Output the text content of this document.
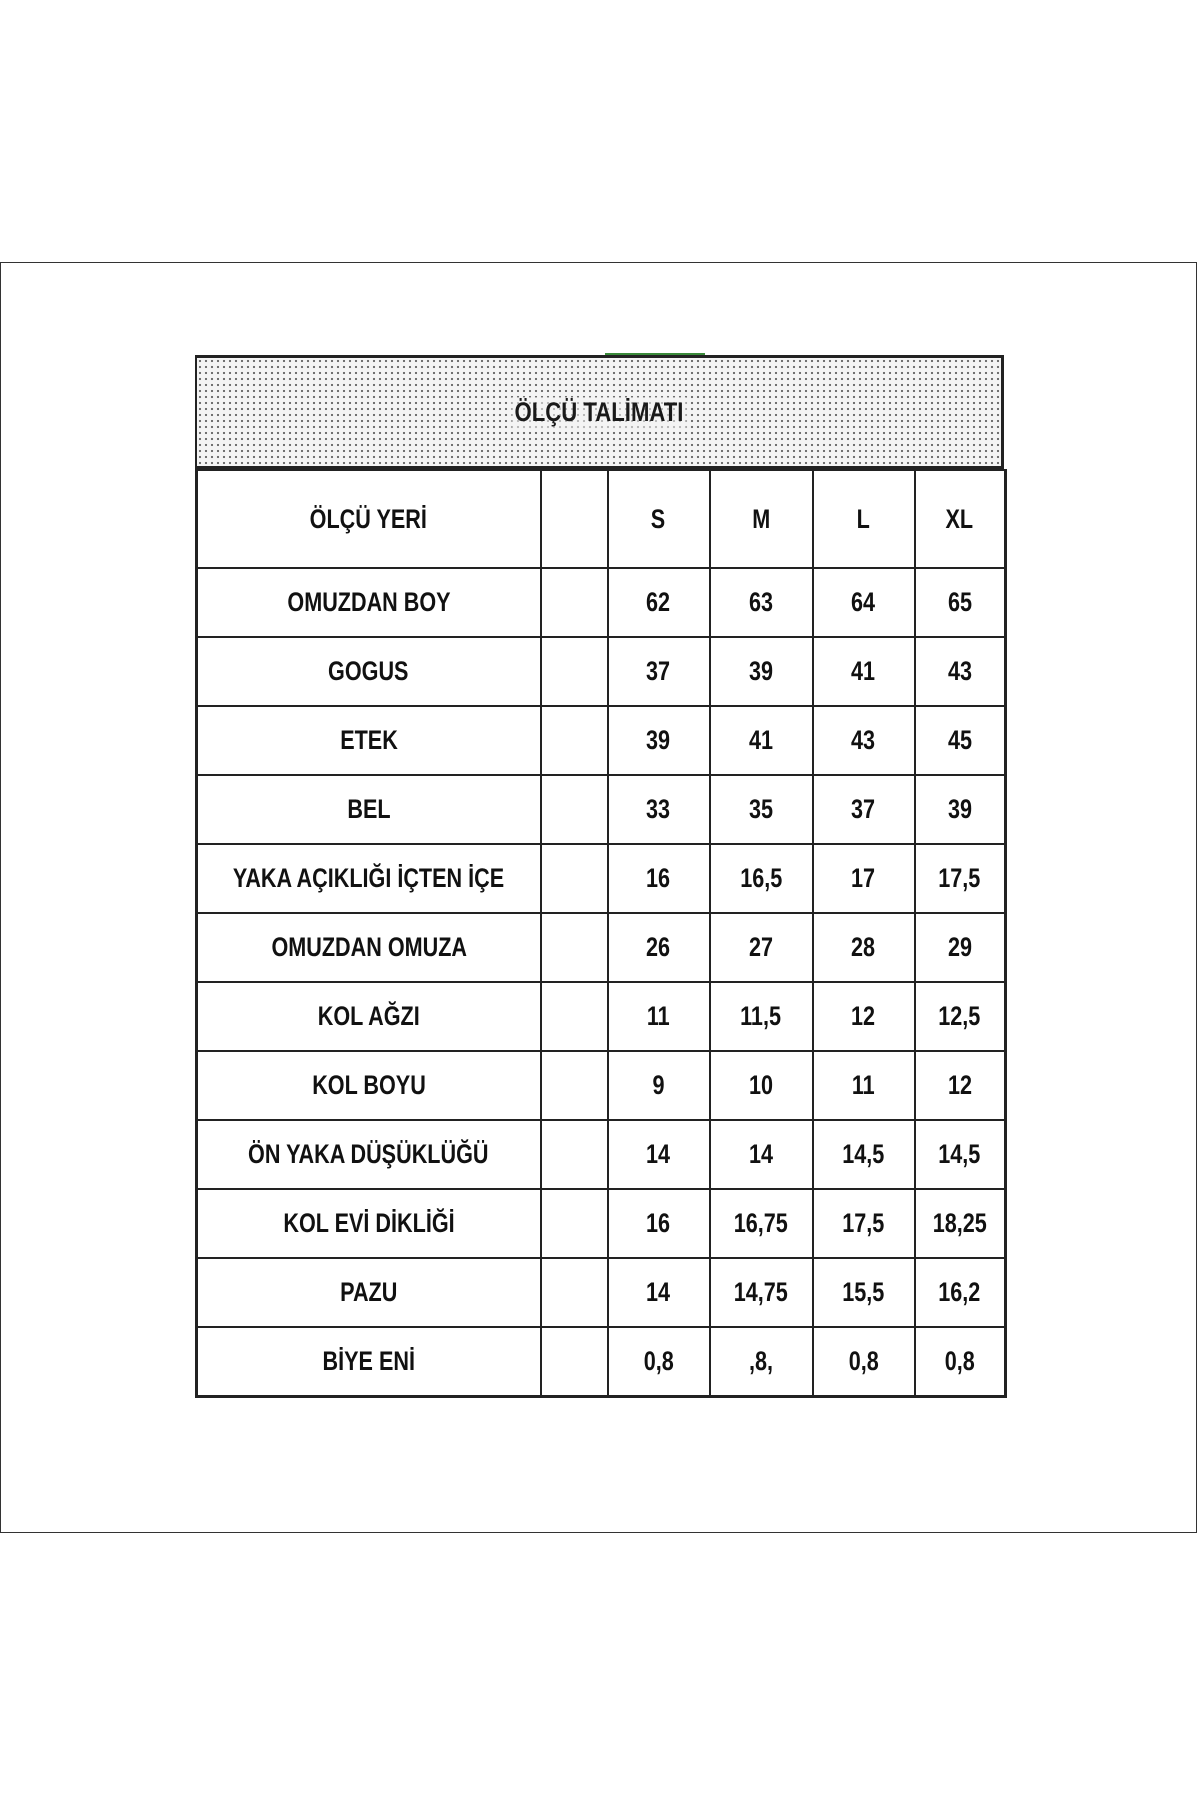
ÖLÇÜ TALİMATI
ÖLÇÜ YERİ		S	M	L	XL
OMUZDAN BOY		62	63	64	65
GOGUS		37	39	41	43
ETEK		39	41	43	45
BEL		33	35	37	39
YAKA AÇIKLIĞI İÇTEN İÇE		16	16,5	17	17,5
OMUZDAN OMUZA		26	27	28	29
KOL AĞZI		11	11,5	12	12,5
KOL BOYU		9	10	11	12
ÖN YAKA DÜŞÜKLÜĞÜ		14	14	14,5	14,5
KOL EVİ DİKLİĞİ		16	16,75	17,5	18,25
PAZU		14	14,75	15,5	16,2
BİYE ENİ		0,8	,8,	0,8	0,8
